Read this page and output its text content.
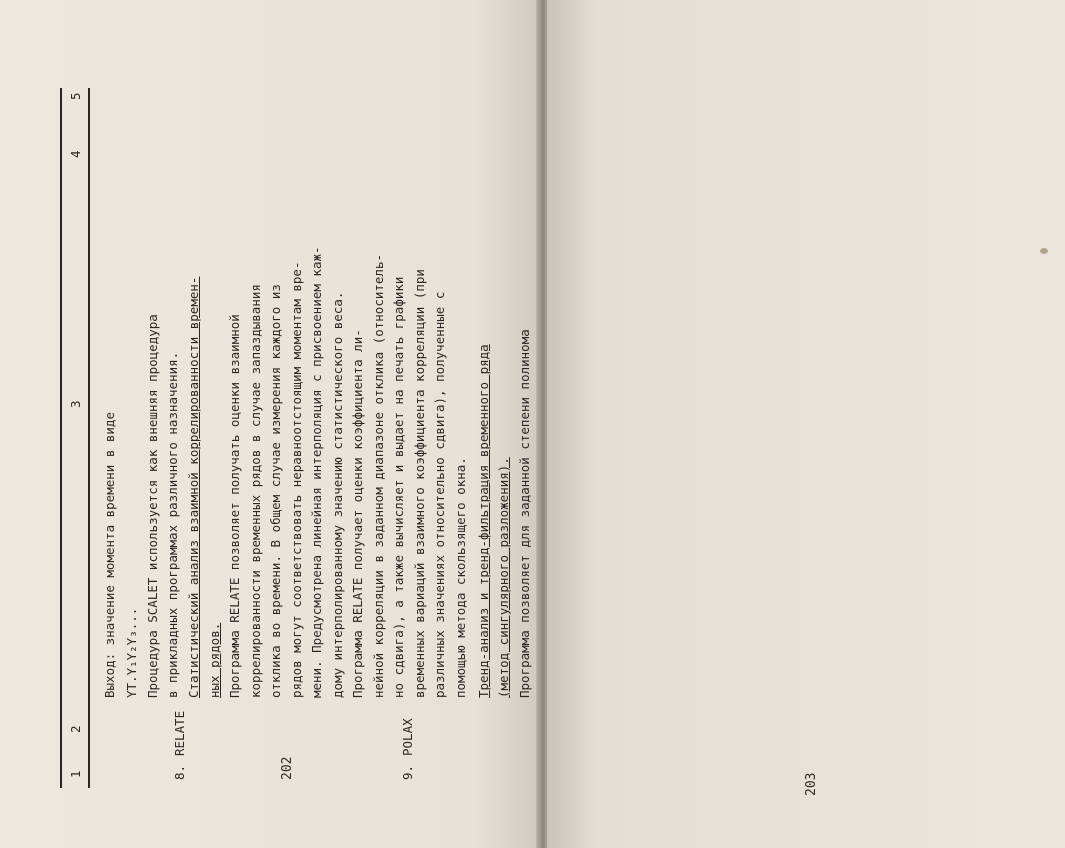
1
2
3
4
5
202
Выход: значение момента времени в виде YT.Y₁Y₂Y₃... Процедура SCALET используется как внешняя процедура в прикладных программах различного назначения.
8.
RELATE
Статистический анализ взаимной коррелированности времен- ных рядов. Программа RELATE позволяет получать оценки взаимной коррелированности временных рядов в случае запаздывания отклика во времени. В общем случае измерения каждого из рядов могут соответствовать неравноотстоящим моментам вре- мени. Предусмотрена линейная интерполяция с присвоением каж- дому интерполированному значению статистического веса. Программа RELATE получает оценки коэффициента ли- нейной корреляции в заданном диапазоне отклика (относитель- но сдвига), а также вычисляет и выдает на печать графики временных вариаций взаимного коэффициента корреляции (при различных значениях относительно сдвига), полученные с помощью метода скользящего окна.
9.
POLAX
Тренд-анализ и тренд-фильтрация временного ряда (метод сингулярного разложения). Программа позволяет для заданной степени полинома
203
